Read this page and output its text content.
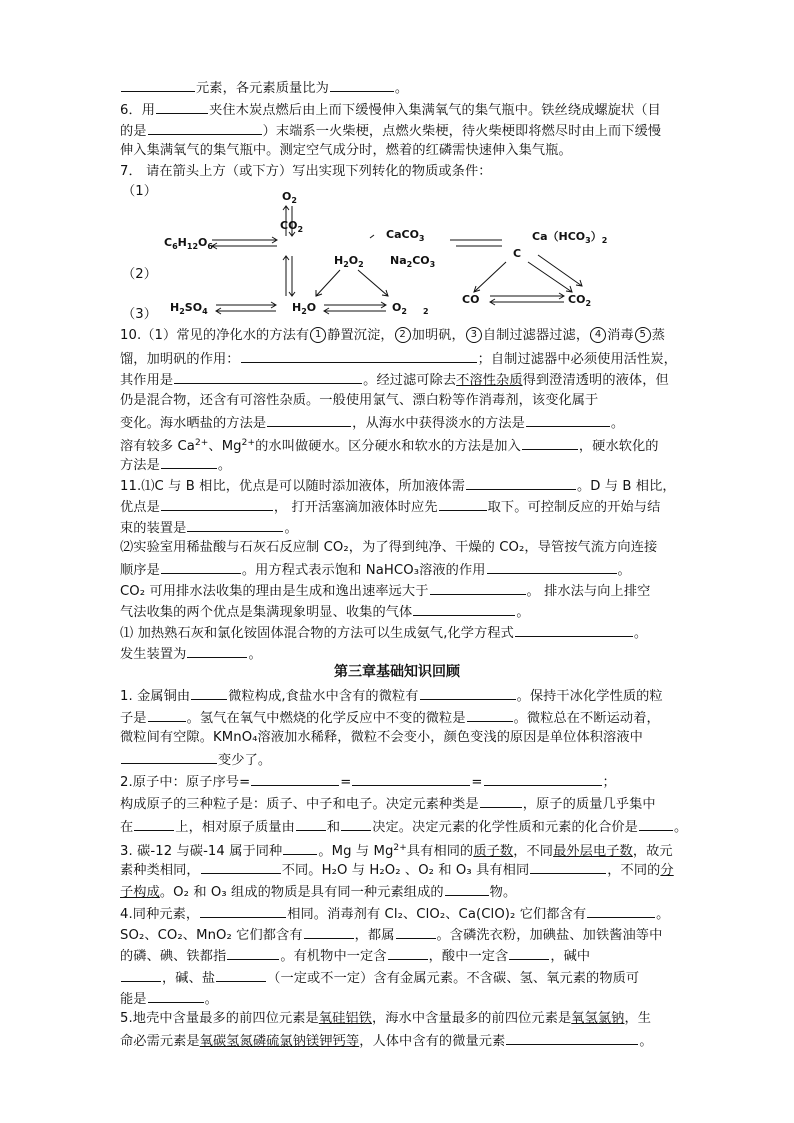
元素，各元素质量比为	。
6．用	夹住木炭点燃后由上而下缓慢伸入集满氧气的集气瓶中。铁丝绕成螺旋状（目
的是	）末端系一火柴梗，点燃火柴梗，待火柴梗即将燃尽时由上而下缓慢
伸入集满氧气的集气瓶中。测定空气成分时，燃着的红磷需快速伸入集气瓶。
7． 请在箭头上方（或下方）写出实现下列转化的物质或条件：
（1）
（2）
（3）
$O_2$
$CO_2$
$C_6H_{12}O_6$
CaCO$_3$
$H_2O_2$ $Na_2CO_3$
$Ca(HCO_3)_2$
C
$H_2SO_4$	$H_2O$	$O_2$ $_2$
CO	$CO_2$
10.（1）常见的净化水的方法有 1 静置沉淀， 2 加明矾， 3 自制过滤器过滤， 4 消毒 5 蒸
馏，加明矾的作用：	；自制过滤器中必须使用活性炭，
其作用是	。经过滤可除去不溶性杂质得到澄清透明的液体，但
仍是混合物，还含有可溶性杂质。一般使用氯气、漂白粉等作消毒剂，该变化属于
变化。海水晒盐的方法是	，从海水中获得淡水的方法是	。
溶有较多 $Ca^{2+}$、$Mg^{2+}$的水叫做硬水。区分硬水和软水的方法是加入	，硬水软化的
方法是	。
11.⑴C 与 B 相比，优点是可以随时添加液体，所加液体需	。D 与 B 相比，
优点是	， 打开活塞滴加液体时应先	取下。可控制反应的开始与结
束的装置是	。
⑵实验室用稀盐酸与石灰石反应制 CO₂，为了得到纯净、干燥的 CO₂，导管按气流方向连接
顺序是	。用方程式表示饱和 NaHCO₃溶液的作用	。
CO₂ 可用排水法收集的理由是生成和逸出速率远大于	。 排水法与向上排空
气法收集的两个优点是集满现象明显、收集的气体	。
⑴ 加热熟石灰和氯化铵固体混合物的方法可以生成氨气,化学方程式	。
发生装置为	。
第三章基础知识回顾
1. 金属铜由	微粒构成,食盐水中含有的微粒有	。保持干冰化学性质的粒
子是	。氢气在氧气中燃烧的化学反应中不变的微粒是	。微粒总在不断运动着，
微粒间有空隙。KMnO₄溶液加水稀释，微粒不会变小，颜色变浅的原因是单位体积溶液中
变少了。
2.原子中：原子序号=	=	=	；
构成原子的三种粒子是：质子、中子和电子。决定元素种类是	，原子的质量几乎集中
在	上，相对原子质量由 和 决定。决定元素的化学性质和元素的化合价是	。
3. 碳-12 与碳-14 属于同种	。Mg 与 $Mg^{2+}$具有相同的质子数，不同最外层电子数，故元
素种类相同，	不同。H₂O 与 H₂O₂ 、O₂ 和 O₃ 具有相同	，不同的分
子构成。O₂ 和 O₃ 组成的物质是具有同一种元素组成的	物。
4.同种元素，	相同。消毒剂有 Cl₂、ClO₂、Ca(ClO)₂ 它们都含有	。
SO₂、CO₂、MnO₂ 它们都含有	，都属	。含磷洗衣粉，加碘盐、加铁酱油等中
的磷、碘、铁都指	。有机物中一定含	，酸中一定含	，碱中
，碱、盐	（一定或不一定）含有金属元素。不含碳、氢、氧元素的物质可
能是	。
5.地壳中含量最多的前四位元素是氧硅铝铁，海水中含量最多的前四位元素是氧氢氯钠，生
命必需元素是氧碳氢氮磷硫氯钠镁钾钙等，人体中含有的微量元素	。
